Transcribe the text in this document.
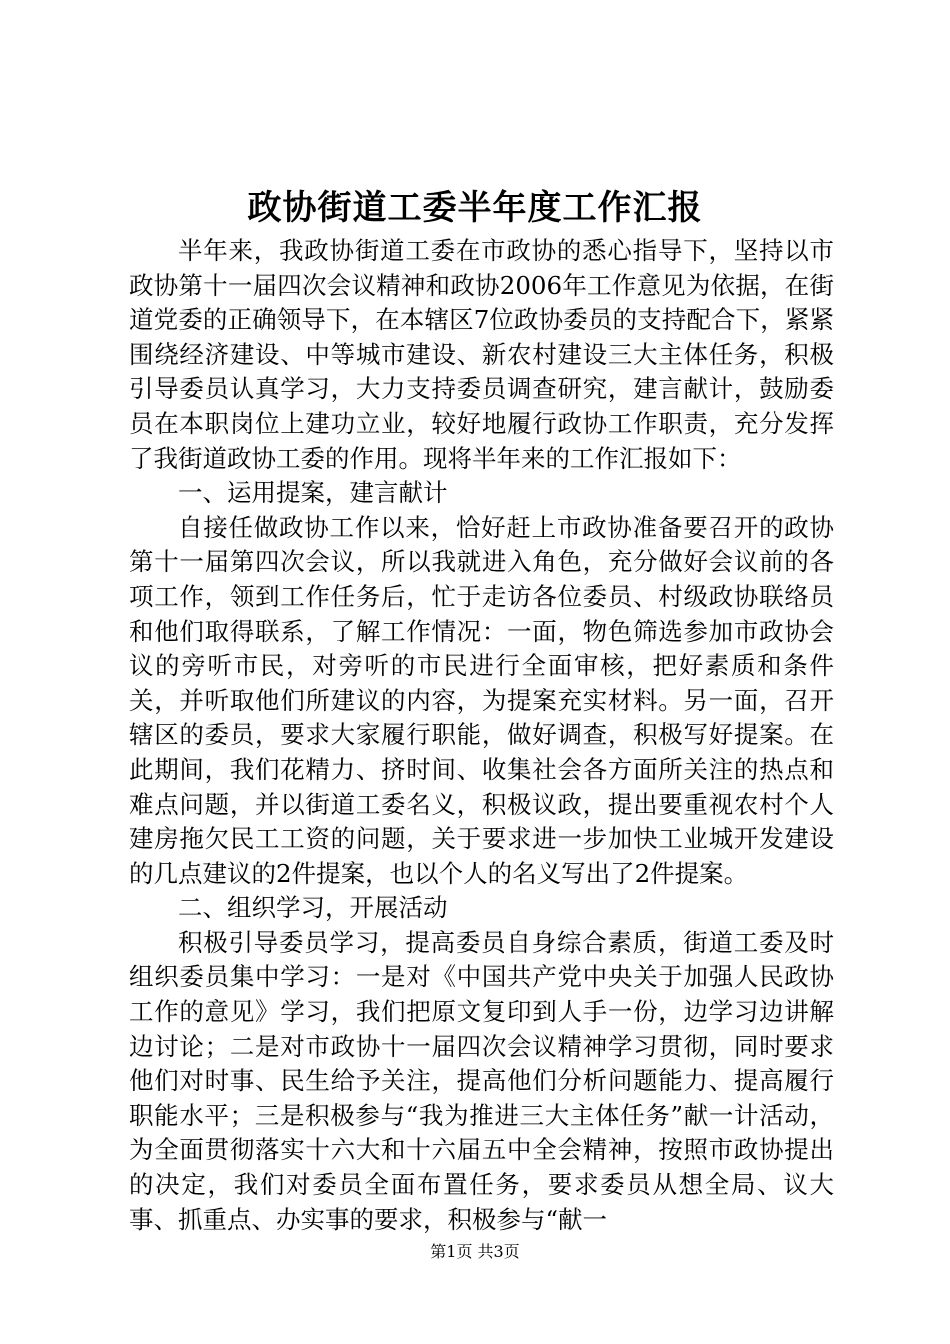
政协街道工委半年度工作汇报

半年来，我政协街道工委在市政协的悉心指导下，坚持以市政协第十一届四次会议精神和政协2006年工作意见为依据，在街道党委的正确领导下，在本辖区7位政协委员的支持配合下，紧紧围绕经济建设、中等城市建设、新农村建设三大主体任务，积极引导委员认真学习，大力支持委员调查研究，建言献计，鼓励委员在本职岗位上建功立业，较好地履行政协工作职责，充分发挥了我街道政协工委的作用。现将半年来的工作汇报如下：

一、运用提案，建言献计

自接任做政协工作以来，恰好赶上市政协准备要召开的政协第十一届第四次会议，所以我就进入角色，充分做好会议前的各项工作，领到工作任务后，忙于走访各位委员、村级政协联络员和他们取得联系，了解工作情况：一面，物色筛选参加市政协会议的旁听市民，对旁听的市民进行全面审核，把好素质和条件关，并听取他们所建议的内容，为提案充实材料。另一面，召开辖区的委员，要求大家履行职能，做好调查，积极写好提案。在此期间，我们花精力、挤时间、收集社会各方面所关注的热点和难点问题，并以街道工委名义，积极议政，提出要重视农村个人建房拖欠民工工资的问题，关于要求进一步加快工业城开发建设的几点建议的2件提案，也以个人的名义写出了2件提案。

二、组织学习，开展活动

积极引导委员学习，提高委员自身综合素质，街道工委及时组织委员集中学习：一是对《中国共产党中央关于加强人民政协工作的意见》学习，我们把原文复印到人手一份，边学习边讲解边讨论；二是对市政协十一届四次会议精神学习贯彻，同时要求他们对时事、民生给予关注，提高他们分析问题能力、提高履行职能水平；三是积极参与“我为推进三大主体任务”献一计活动，为全面贯彻落实十六大和十六届五中全会精神，按照市政协提出的决定，我们对委员全面布置任务，要求委员从想全局、议大事、抓重点、办实事的要求，积极参与“献一

第1页 共3页
